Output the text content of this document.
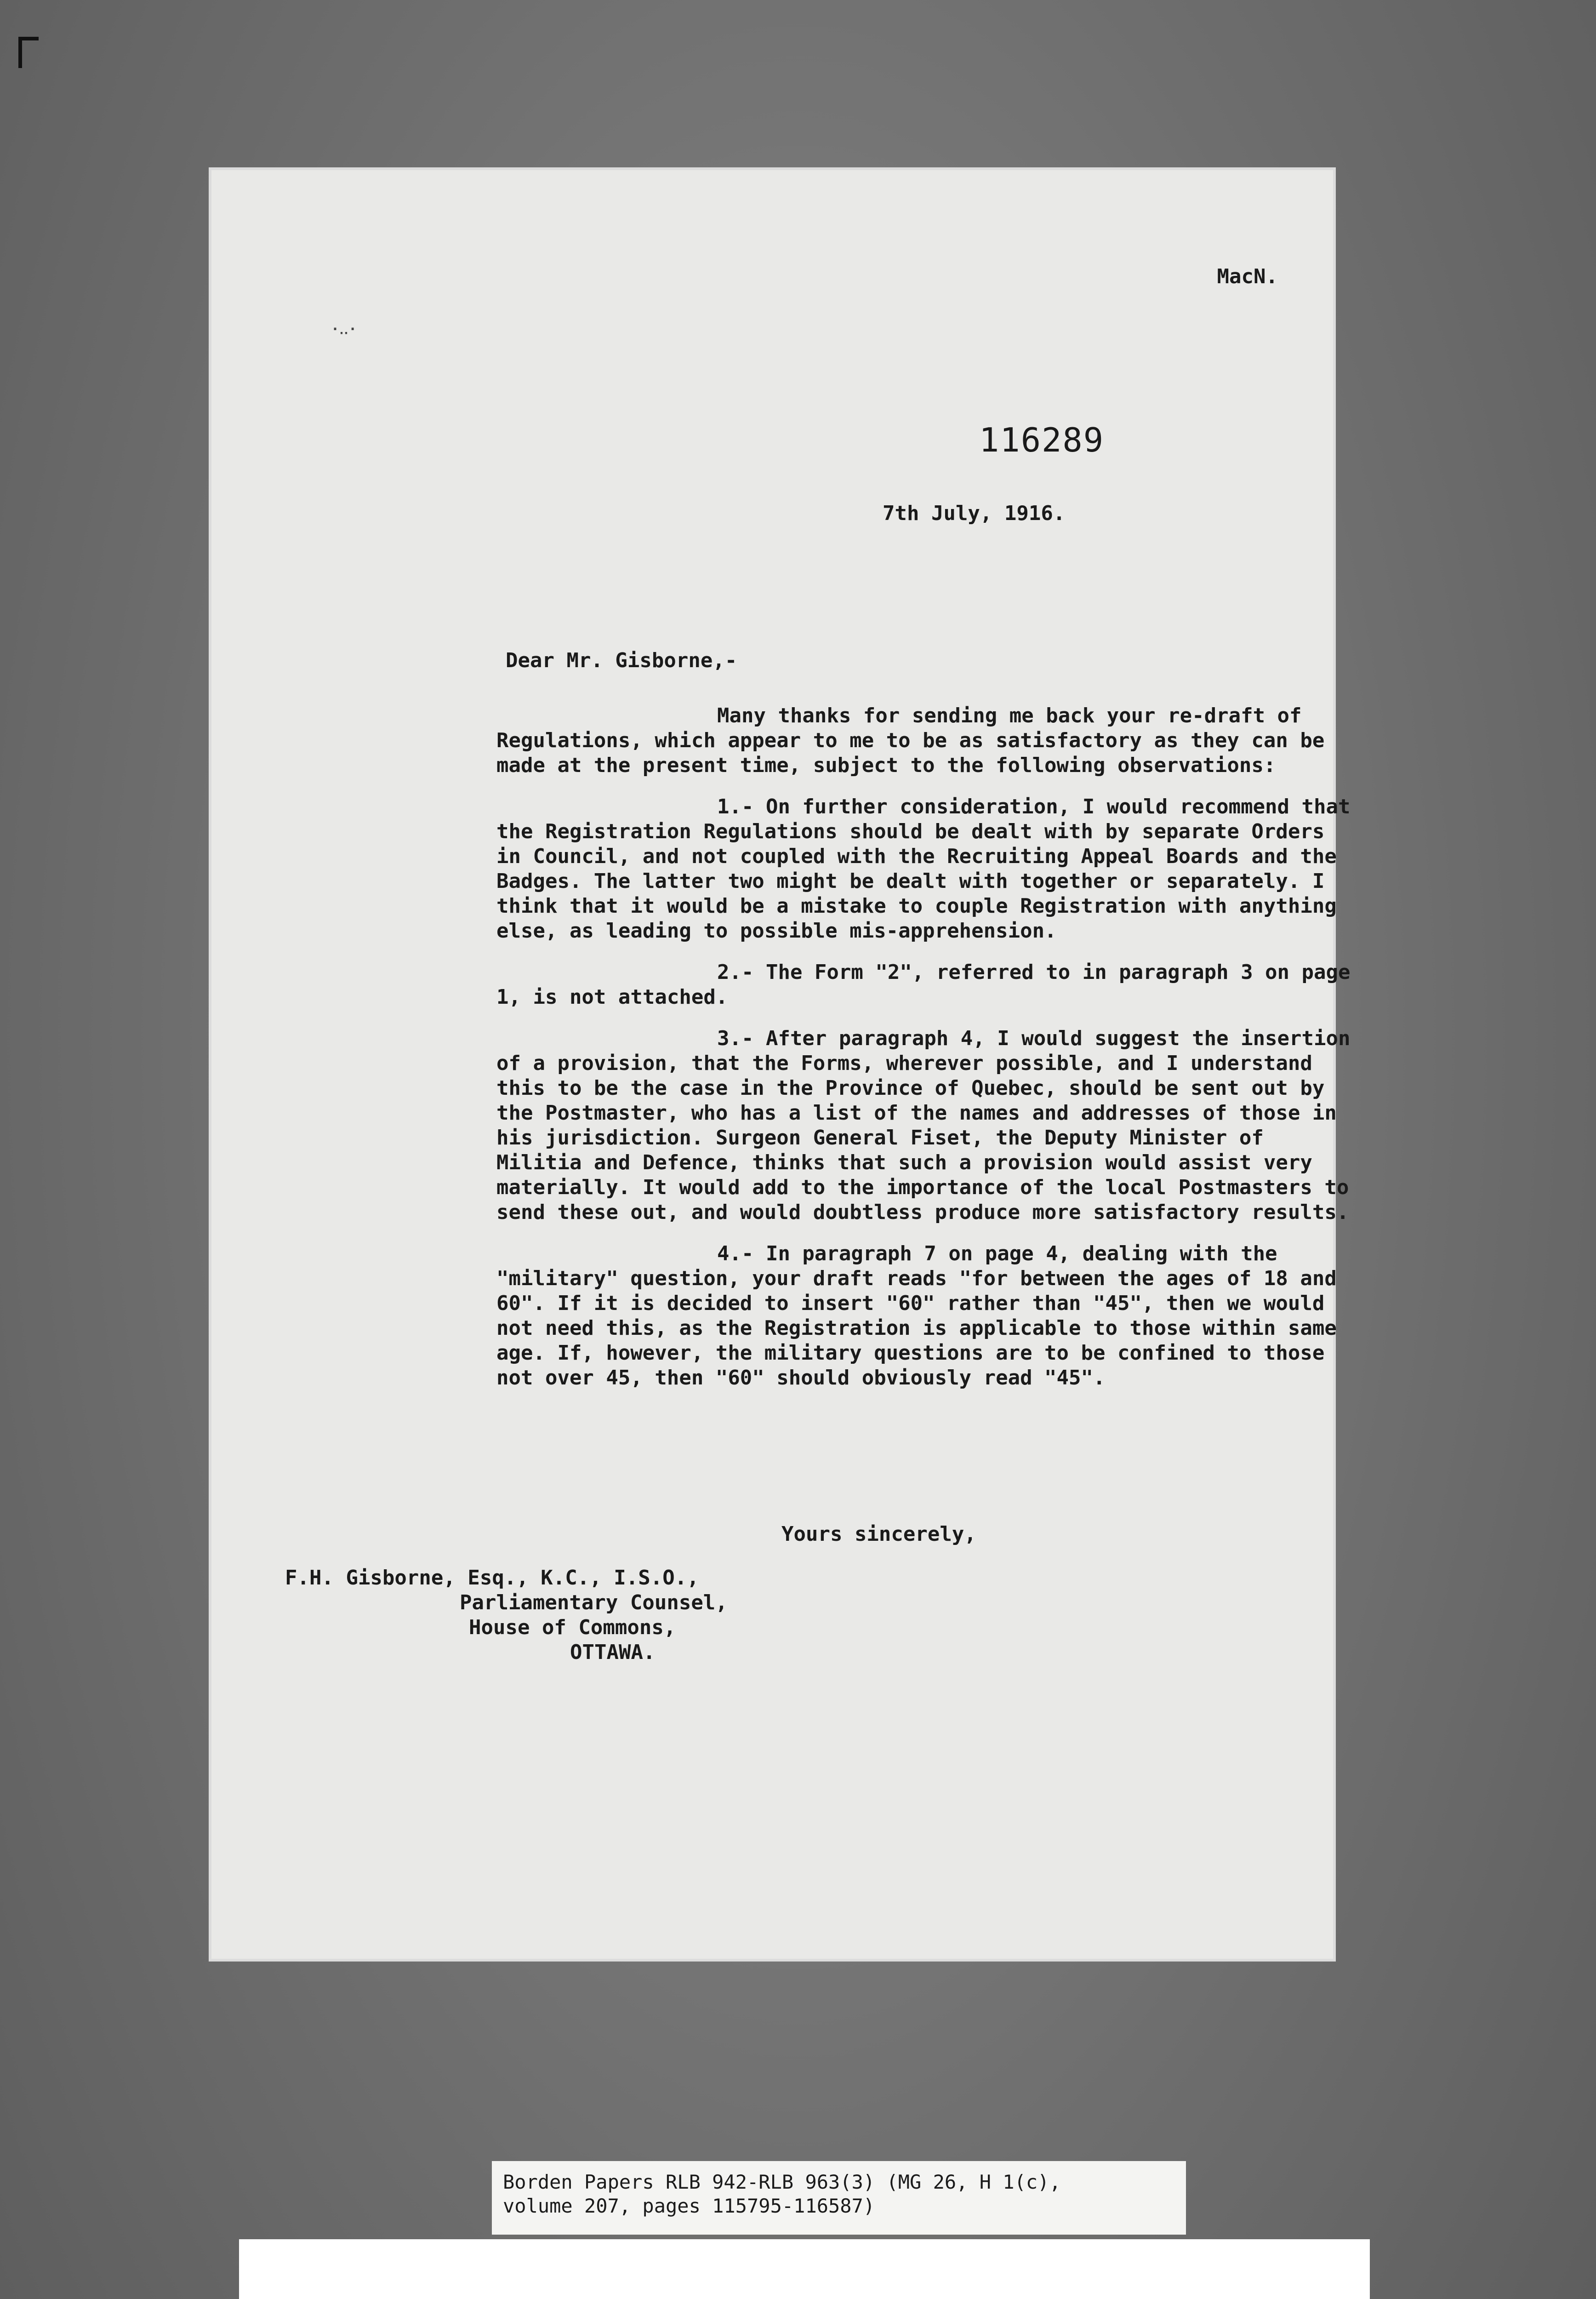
MacN.
·‥·
116289
7th July, 1916.
Dear Mr. Gisborne,-

Many thanks for sending me back your re-draft of Regulations, which appear to me to be as satisfactory as they can be made at the present time, subject to the following observations:

1.- On further consideration, I would recommend that the Registration Regulations should be dealt with by separate Orders in Council, and not coupled with the Recruiting Appeal Boards and the Badges. The latter two might be dealt with together or separately. I think that it would be a mistake to couple Registration with anything else, as leading to possible mis-apprehension.

2.- The Form "2", referred to in paragraph 3 on page 1, is not attached.

3.- After paragraph 4, I would suggest the insertion of a provision, that the Forms, wherever possible, and I understand this to be the case in the Province of Quebec, should be sent out by the Postmaster, who has a list of the names and addresses of those in his jurisdiction. Surgeon General Fiset, the Deputy Minister of Militia and Defence, thinks that such a provision would assist very materially. It would add to the importance of the local Postmasters to send these out, and would doubtless produce more satisfactory results.

4.- In paragraph 7 on page 4, dealing with the "military" question, your draft reads "for between the ages of 18 and 60". If it is decided to insert "60" rather than "45", then we would not need this, as the Registration is applicable to those within same age. If, however, the military questions are to be confined to those not over 45, then "60" should obviously read "45".

Yours sincerely,
F.H. Gisborne, Esq., K.C., I.S.O.,
Parliamentary Counsel,
House of Commons,
OTTAWA.
Borden Papers RLB 942-RLB 963(3) (MG 26, H 1(c),
volume 207, pages 115795-116587)
